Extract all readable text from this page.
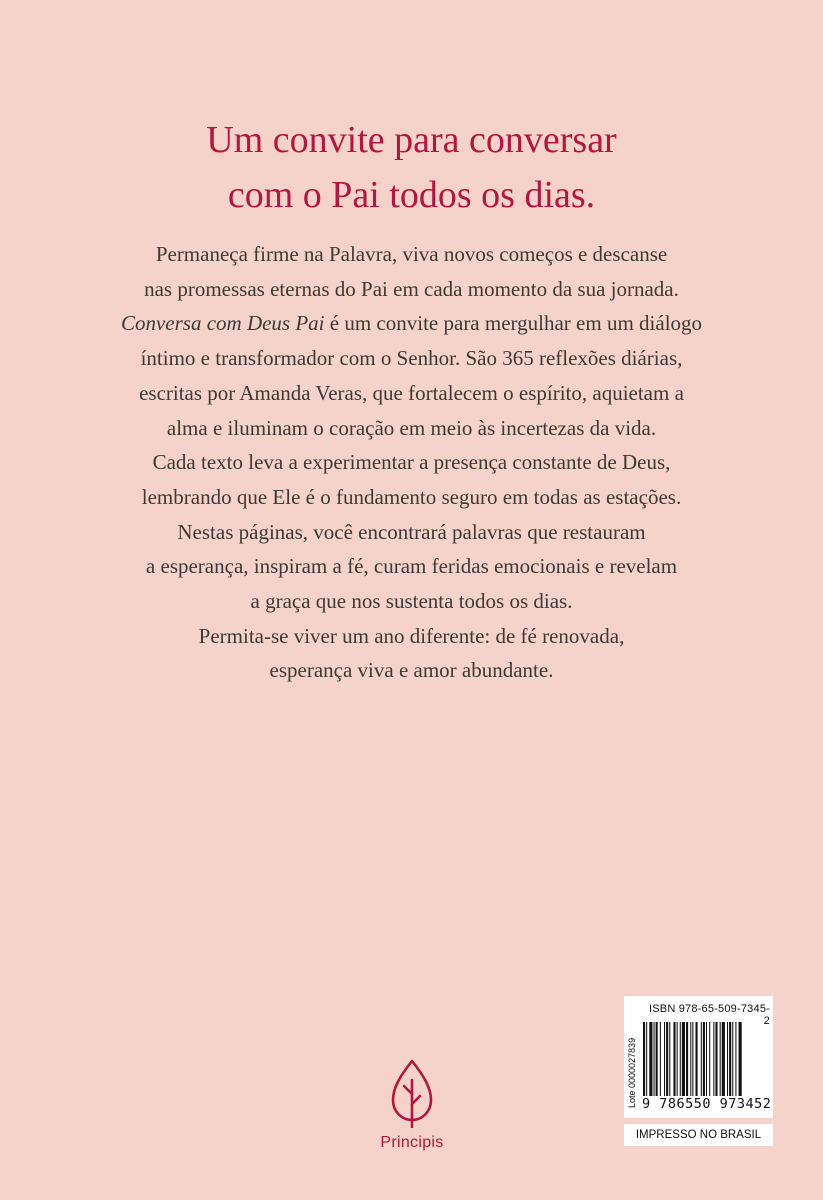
Um convite para conversar
com o Pai todos os dias.

Permaneça firme na Palavra, viva novos começos e descanse
nas promessas eternas do Pai em cada momento da sua jornada.
Conversa com Deus Pai é um convite para mergulhar em um diálogo
íntimo e transformador com o Senhor. São 365 reflexões diárias,
escritas por Amanda Veras, que fortalecem o espírito, aquietam a
alma e iluminam o coração em meio às incertezas da vida.
Cada texto leva a experimentar a presença constante de Deus,
lembrando que Ele é o fundamento seguro em todas as estações.
Nestas páginas, você encontrará palavras que restauram
a esperança, inspiram a fé, curam feridas emocionais e revelam
a graça que nos sustenta todos os dias.
Permita-se viver um ano diferente: de fé renovada,
esperança viva e amor abundante.

Principis
ISBN 978-65-509-7345-2
Lote 0000027839 9 786550 973452
IMPRESSO NO BRASIL
